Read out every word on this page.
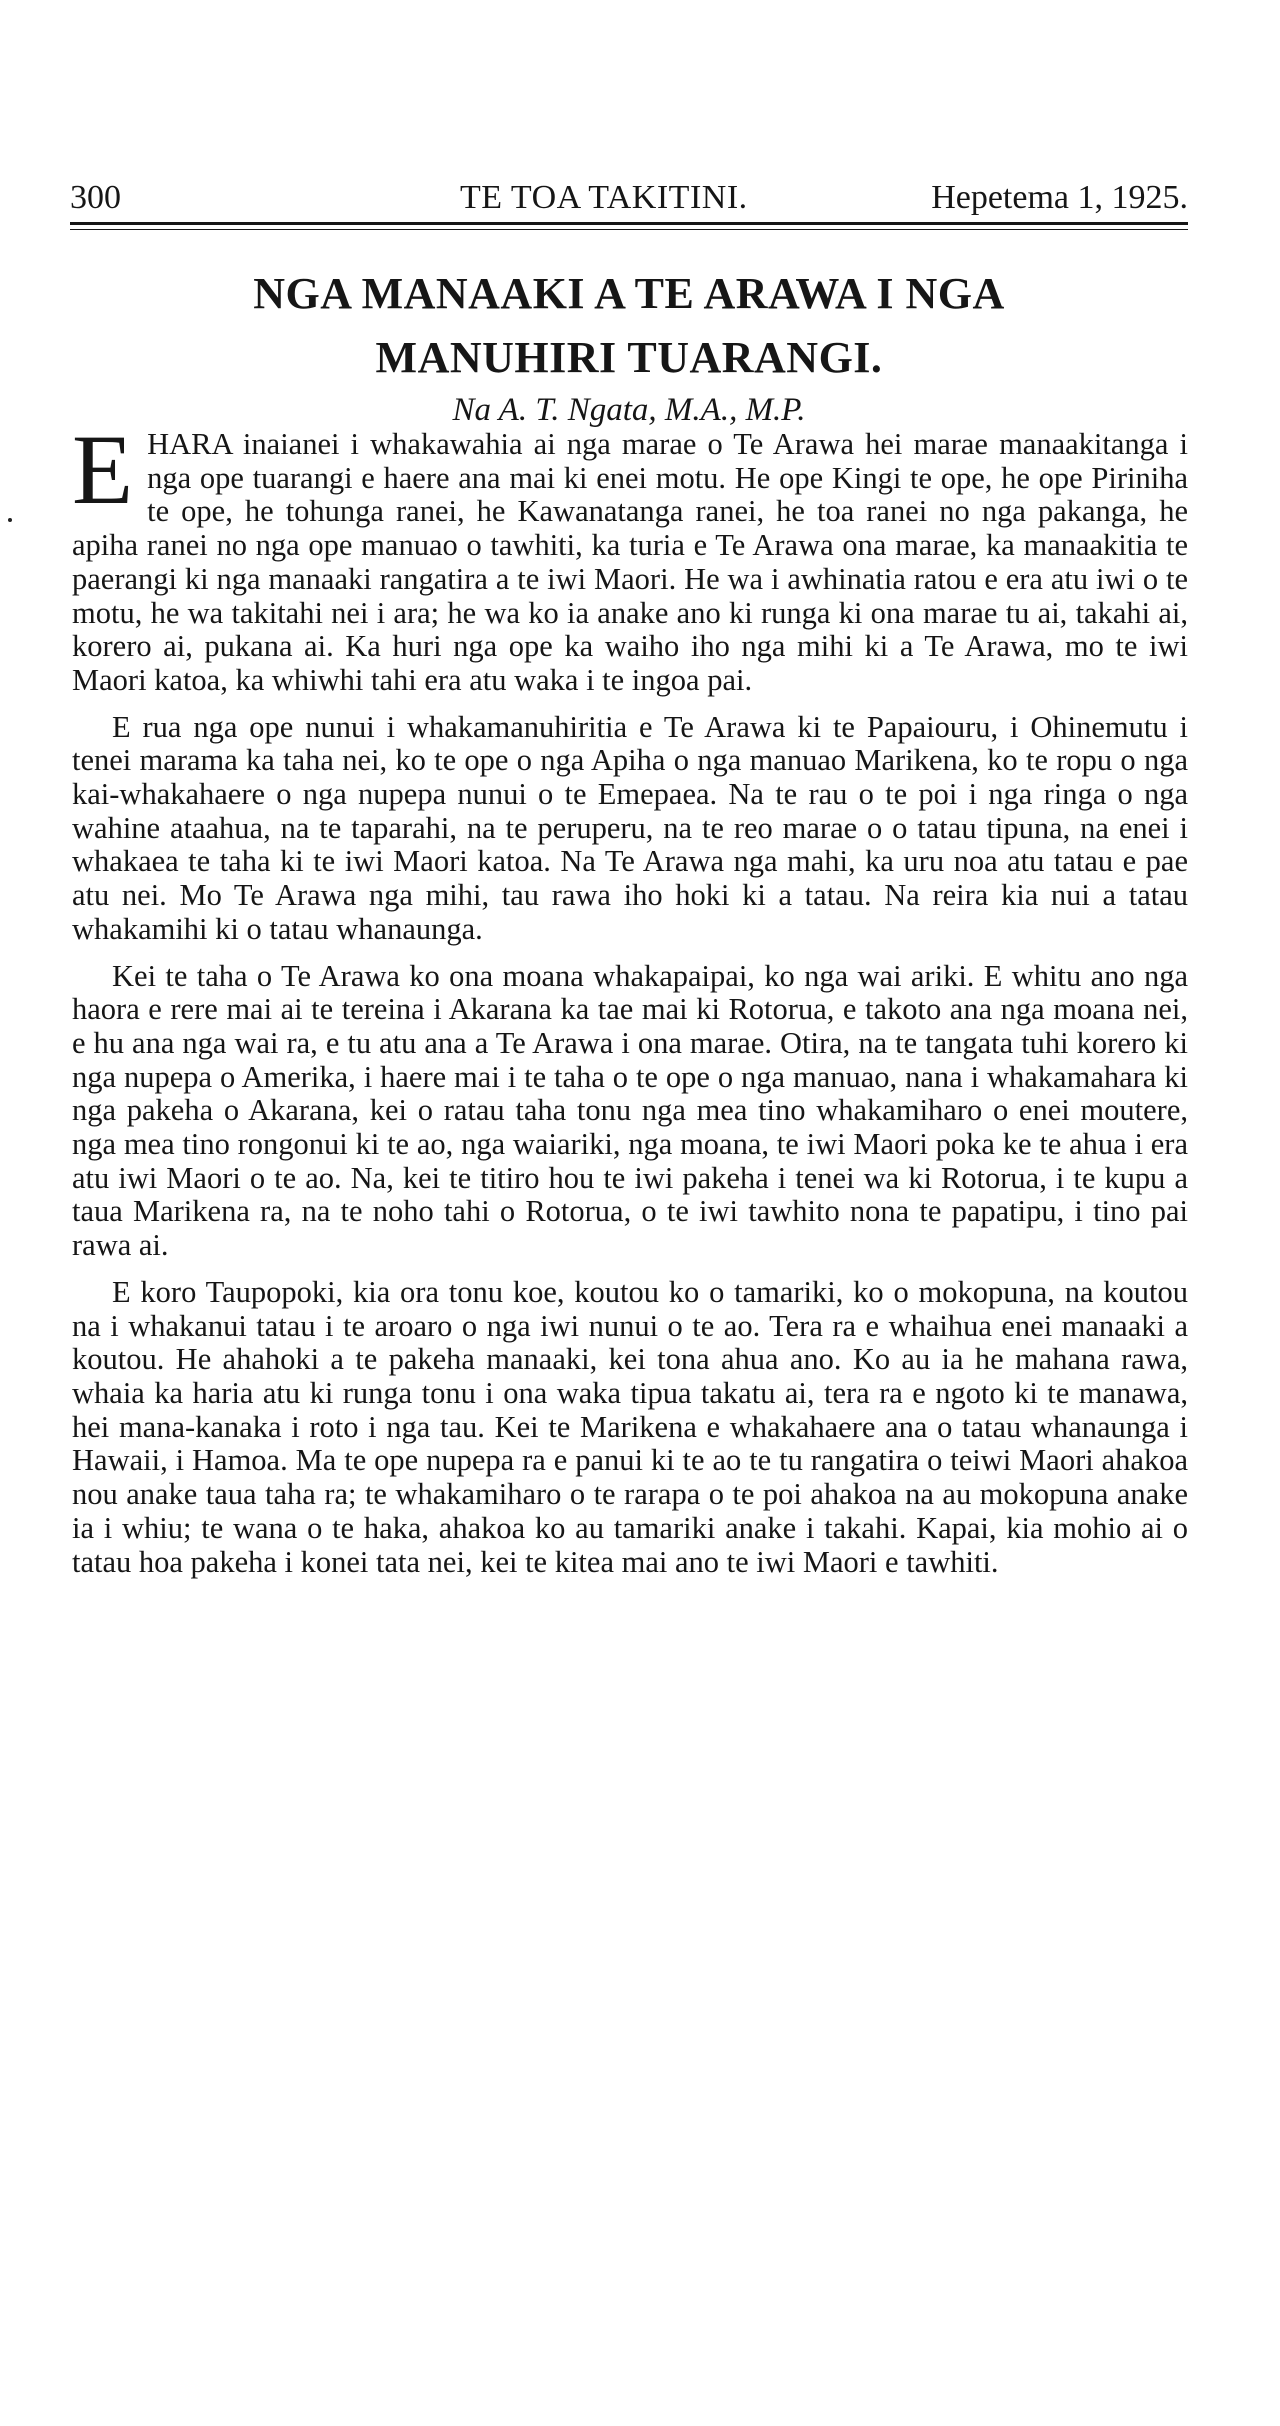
300	TE TOA TAKITINI.	Hepetema 1, 1925.
NGA MANAAKI A TE ARAWA I NGA
MANUHIRI TUARANGI.
Na A. T. Ngata, M.A., M.P.

EHARA inaianei i whakawahia ai nga marae o Te Arawa hei marae manaakitanga i nga ope tuarangi e haere ana mai ki enei motu. He ope Kingi te ope, he ope Piriniha te ope, he tohunga ranei, he Kawanatanga ranei, he toa ranei no nga pakanga, he apiha ranei no nga ope manuao o tawhiti, ka turia e Te Arawa ona marae, ka manaakitia te paerangi ki nga manaaki rangatira a te iwi Maori. He wa i awhinatia ratou e era atu iwi o te motu, he wa takitahi nei i ara; he wa ko ia anake ano ki runga ki ona marae tu ai, takahi ai, korero ai, pukana ai. Ka huri nga ope ka waiho iho nga mihi ki a Te Arawa, mo te iwi Maori katoa, ka whiwhi tahi era atu waka i te ingoa pai.

E rua nga ope nunui i whakamanuhiritia e Te Arawa ki te Papaiouru, i Ohinemutu i tenei marama ka taha nei, ko te ope o nga Apiha o nga manuao Marikena, ko te ropu o nga kai-whakahaere o nga nupepa nunui o te Emepaea. Na te rau o te poi i nga ringa o nga wahine ataahua, na te taparahi, na te peruperu, na te reo marae o o tatau tipuna, na enei i whakaea te taha ki te iwi Maori katoa. Na Te Arawa nga mahi, ka uru noa atu tatau e pae atu nei. Mo Te Arawa nga mihi, tau rawa iho hoki ki a tatau. Na reira kia nui a tatau whakamihi ki o tatau whanaunga.

Kei te taha o Te Arawa ko ona moana whakapaipai, ko nga wai ariki. E whitu ano nga haora e rere mai ai te tereina i Akarana ka tae mai ki Rotorua, e takoto ana nga moana nei, e hu ana nga wai ra, e tu atu ana a Te Arawa i ona marae. Otira, na te tangata tuhi korero ki nga nupepa o Amerika, i haere mai i te taha o te ope o nga manuao, nana i whakamahara ki nga pakeha o Akarana, kei o ratau taha tonu nga mea tino whakamiharo o enei moutere, nga mea tino rongonui ki te ao, nga waiariki, nga moana, te iwi Maori poka ke te ahua i era atu iwi Maori o te ao. Na, kei te titiro hou te iwi pakeha i tenei wa ki Rotorua, i te kupu a taua Marikena ra, na te noho tahi o Rotorua, o te iwi tawhito nona te papatipu, i tino pai rawa ai.

E koro Taupopoki, kia ora tonu koe, koutou ko o tamariki, ko o mokopuna, na koutou na i whakanui tatau i te aroaro o nga iwi nunui o te ao. Tera ra e whaihua enei manaaki a koutou. He ahahoki a te pakeha manaaki, kei tona ahua ano. Ko au ia he mahana rawa, whaia ka haria atu ki runga tonu i ona waka tipua takatu ai, tera ra e ngoto ki te manawa, hei mana-kanaka i roto i nga tau. Kei te Marikena e whakahaere ana o tatau whanaunga i Hawaii, i Hamoa. Ma te ope nupepa ra e panui ki te ao te tu rangatira o teiwi Maori ahakoa nou anake taua taha ra; te whakamiharo o te rarapa o te poi ahakoa na au mokopuna anake ia i whiu; te wana o te haka, ahakoa ko au tamariki anake i takahi. Kapai, kia mohio ai o tatau hoa pakeha i konei tata nei, kei te kitea mai ano te iwi Maori e tawhiti.
